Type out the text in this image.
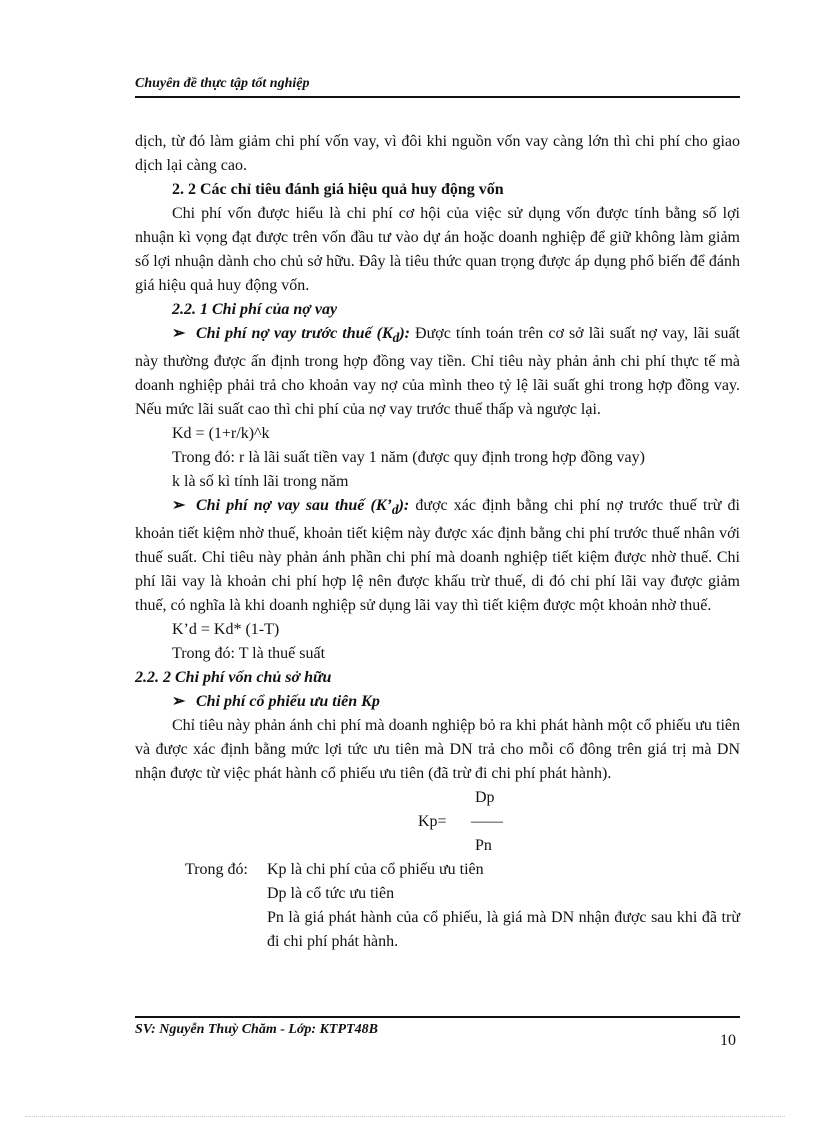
Chuyên đề thực tập tốt nghiệp

dịch, từ đó làm giảm chi phí vốn vay, vì đôi khi nguồn vốn vay càng lớn thì chi phí cho giao dịch lại càng cao.

2. 2 Các chỉ tiêu đánh giá hiệu quả huy động vốn

Chi phí vốn được hiểu là chi phí cơ hội của việc sử dụng vốn được tính bằng số lợi nhuận kì vọng đạt được trên vốn đầu tư vào dự án hoặc doanh nghiệp để giữ không làm giảm số lợi nhuận dành cho chủ sở hữu. Đây là tiêu thức quan trọng được áp dụng phổ biến để đánh giá hiệu quả huy động vốn.

2.2. 1 Chi phí của nợ vay

➢ Chi phí nợ vay trước thuế $(K_d)$: Được tính toán trên cơ sở lãi suất nợ vay, lãi suất này thường được ấn định trong hợp đồng vay tiền. Chỉ tiêu này phản ảnh chi phí thực tế mà doanh nghiệp phải trả cho khoản vay nợ của mình theo tỷ lệ lãi suất ghi trong hợp đồng vay. Nếu mức lãi suất cao thì chi phí của nợ vay trước thuế thấp và ngược lại.

Kd = (1+r/k)^k

Trong đó: r là lãi suất tiền vay 1 năm (được quy định trong hợp đồng vay)

k là số kì tính lãi trong năm

➢ Chi phí nợ vay sau thuế $(K’_d)$: được xác định bằng chi phí nợ trước thuế trừ đi khoản tiết kiệm nhờ thuế, khoản tiết kiệm này được xác định bằng chi phí trước thuế nhân với thuế suất. Chỉ tiêu này phản ánh phần chi phí mà doanh nghiệp tiết kiệm được nhờ thuế. Chi phí lãi vay là khoản chi phí hợp lệ nên được khấu trừ thuế, di đó chi phí lãi vay được giảm thuế, có nghĩa là khi doanh nghiệp sử dụng lãi vay thì tiết kiệm được một khoản nhờ thuế.

K’d = Kd* (1-T)

Trong đó: T là thuế suất

2.2. 2 Chi phí vốn chủ sở hữu

➢ Chi phí cổ phiếu ưu tiên Kp

Chỉ tiêu này phản ánh chi phí mà doanh nghiệp bỏ ra khi phát hành một cổ phiếu ưu tiên và được xác định bằng mức lợi tức ưu tiên mà DN trả cho mỗi cổ đông trên giá trị mà DN nhận được từ việc phát hành cổ phiếu ưu tiên (đã trừ đi chi phí phát hành).

Kp=
Dp
——
Pn
Trong đó:	Kp là chi phí của cổ phiếu ưu tiên

Dp là cổ tức ưu tiên

Pn là giá phát hành của cổ phiếu, là giá mà DN nhận được sau khi đã trừ đi chi phí phát hành.

SV: Nguyễn Thuỳ Chăm - Lớp: KTPT48B
10
